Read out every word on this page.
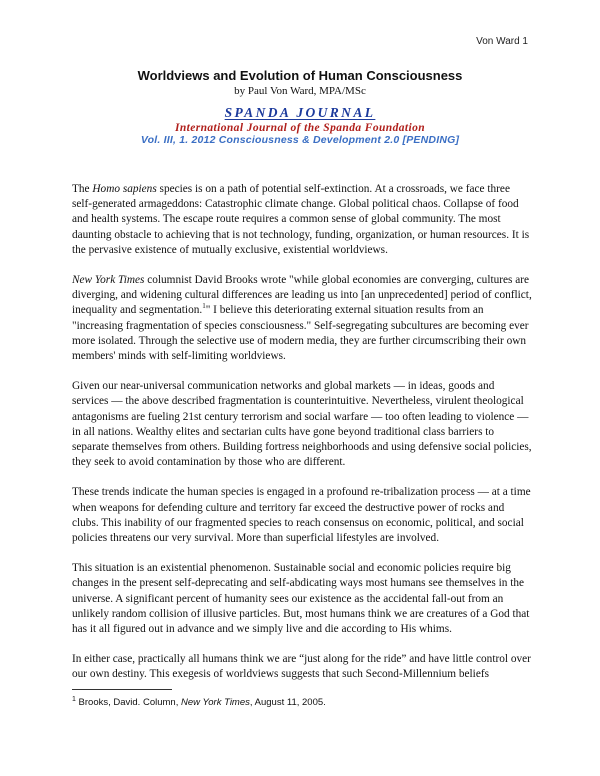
Von Ward 1
Worldviews and Evolution of Human Consciousness
by Paul Von Ward, MPA/MSc
SPANDA JOURNAL
International Journal of the Spanda Foundation
Vol. III, 1. 2012 Consciousness & Development 2.0 [PENDING]

The Homo sapiens species is on a path of potential self-extinction. At a crossroads, we face three self-generated armageddons: Catastrophic climate change. Global political chaos. Collapse of food and health systems. The escape route requires a common sense of global community. The most daunting obstacle to achieving that is not technology, funding, organization, or human resources. It is the pervasive existence of mutually exclusive, existential worldviews.

New York Times columnist David Brooks wrote "while global economies are converging, cultures are diverging, and widening cultural differences are leading us into [an unprecedented] period of conflict, inequality and segmentation.$^1$" I believe this deteriorating external situation results from an "increasing fragmentation of species consciousness." Self-segregating subcultures are becoming ever more isolated. Through the selective use of modern media, they are further circumscribing their own members' minds with self-limiting worldviews.

Given our near-universal communication networks and global markets — in ideas, goods and services — the above described fragmentation is counterintuitive. Nevertheless, virulent theological antagonisms are fueling 21st century terrorism and social warfare — too often leading to violence — in all nations. Wealthy elites and sectarian cults have gone beyond traditional class barriers to separate themselves from others. Building fortress neighborhoods and using defensive social policies, they seek to avoid contamination by those who are different.

These trends indicate the human species is engaged in a profound re-tribalization process — at a time when weapons for defending culture and territory far exceed the destructive power of rocks and clubs. This inability of our fragmented species to reach consensus on economic, political, and social policies threatens our very survival. More than superficial lifestyles are involved.

This situation is an existential phenomenon. Sustainable social and economic policies require big changes in the present self-deprecating and self-abdicating ways most humans see themselves in the universe. A significant percent of humanity sees our existence as the accidental fall-out from an unlikely random collision of illusive particles. But, most humans think we are creatures of a God that has it all figured out in advance and we simply live and die according to His whims.

In either case, practically all humans think we are “just along for the ride” and have little control over our own destiny. This exegesis of worldviews suggests that such Second-Millennium beliefs

$^1$ Brooks, David. Column, New York Times, August 11, 2005.
